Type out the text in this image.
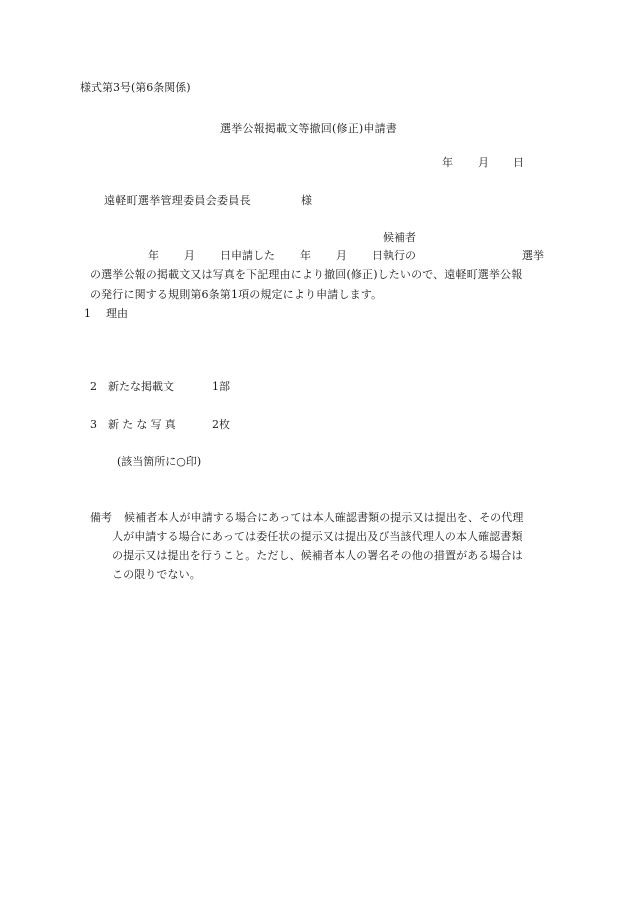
様式第3号(第6条関係)
選挙公報掲載文等撤回(修正)申請書
年 月 日
遠軽町選挙管理委員会委員長	様
候補者
年 月 日申請した 年 月 日執行の	選挙
の選挙公報の掲載文又は写真を下記理由により撤回(修正)したいので、遠軽町選挙公報
の発行に関する規則第6条第1項の規定により申請します。
1 理由
2 新たな掲載文	1部
3 新たな写真	2枚
(該当箇所に○印)
備考 候補者本人が申請する場合にあっては本人確認書類の提示又は提出を、その代理
人が申請する場合にあっては委任状の提示又は提出及び当該代理人の本人確認書類
の提示又は提出を行うこと。ただし、候補者本人の署名その他の措置がある場合は
この限りでない。
